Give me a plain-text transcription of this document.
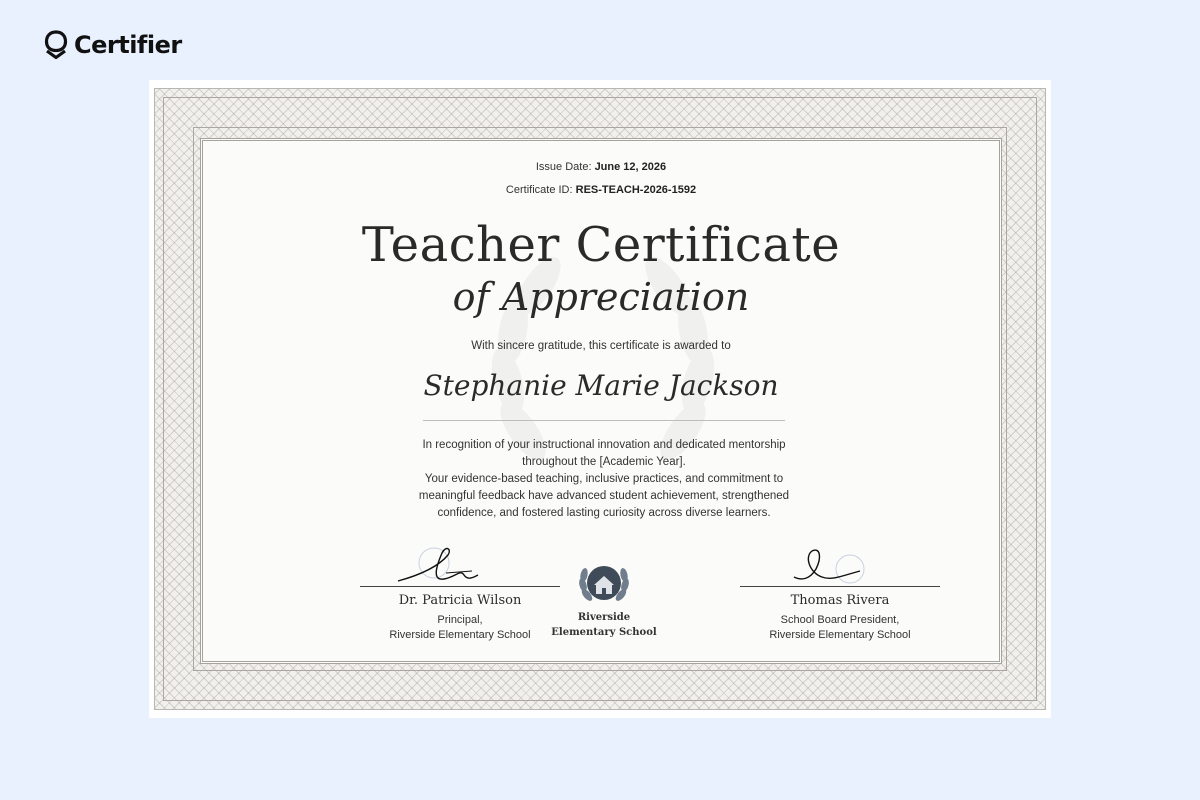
Certifier
Issue Date: June 12, 2026
Certificate ID: RES-TEACH-2026-1592
Teacher Certificate
of Appreciation
With sincere gratitude, this certificate is awarded to
Stephanie Marie Jackson
In recognition of your instructional innovation and dedicated mentorship
throughout the [Academic Year].
Your evidence-based teaching, inclusive practices, and commitment to
meaningful feedback have advanced student achievement, strengthened
confidence, and fostered lasting curiosity across diverse learners.
Dr. Patricia Wilson
Principal,
Riverside Elementary School
Riverside
Elementary School
Thomas Rivera
School Board President,
Riverside Elementary School
